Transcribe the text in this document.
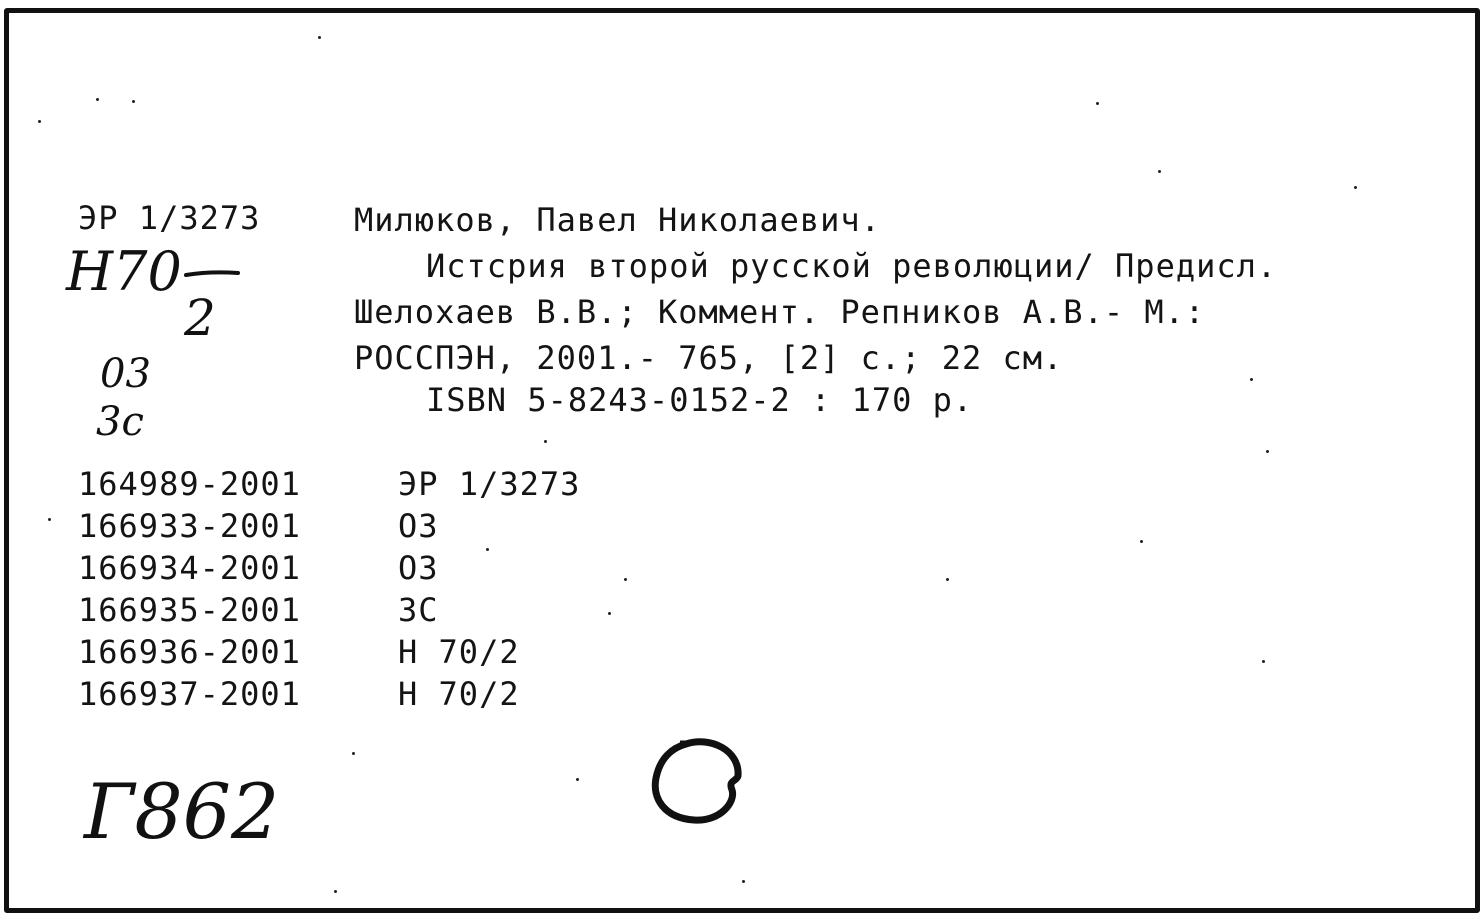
ЭР 1/3273	Милюков, Павел Николаевич.
Истсрия второй русской революции/ Предисл.
Шелохаев В.В.; Коммент. Репников А.В.- М.:
РОССПЭН, 2001.- 765, [2] с.; 22 см.
ISBN 5-8243-0152-2 : 170 р.
164989-2001	ЭР 1/3273
166933-2001	ОЗ
166934-2001	ОЗ
166935-2001	ЗС
166936-2001	Н 70/2
166937-2001	Н 70/2
Н70
2
03
3с
Г862
